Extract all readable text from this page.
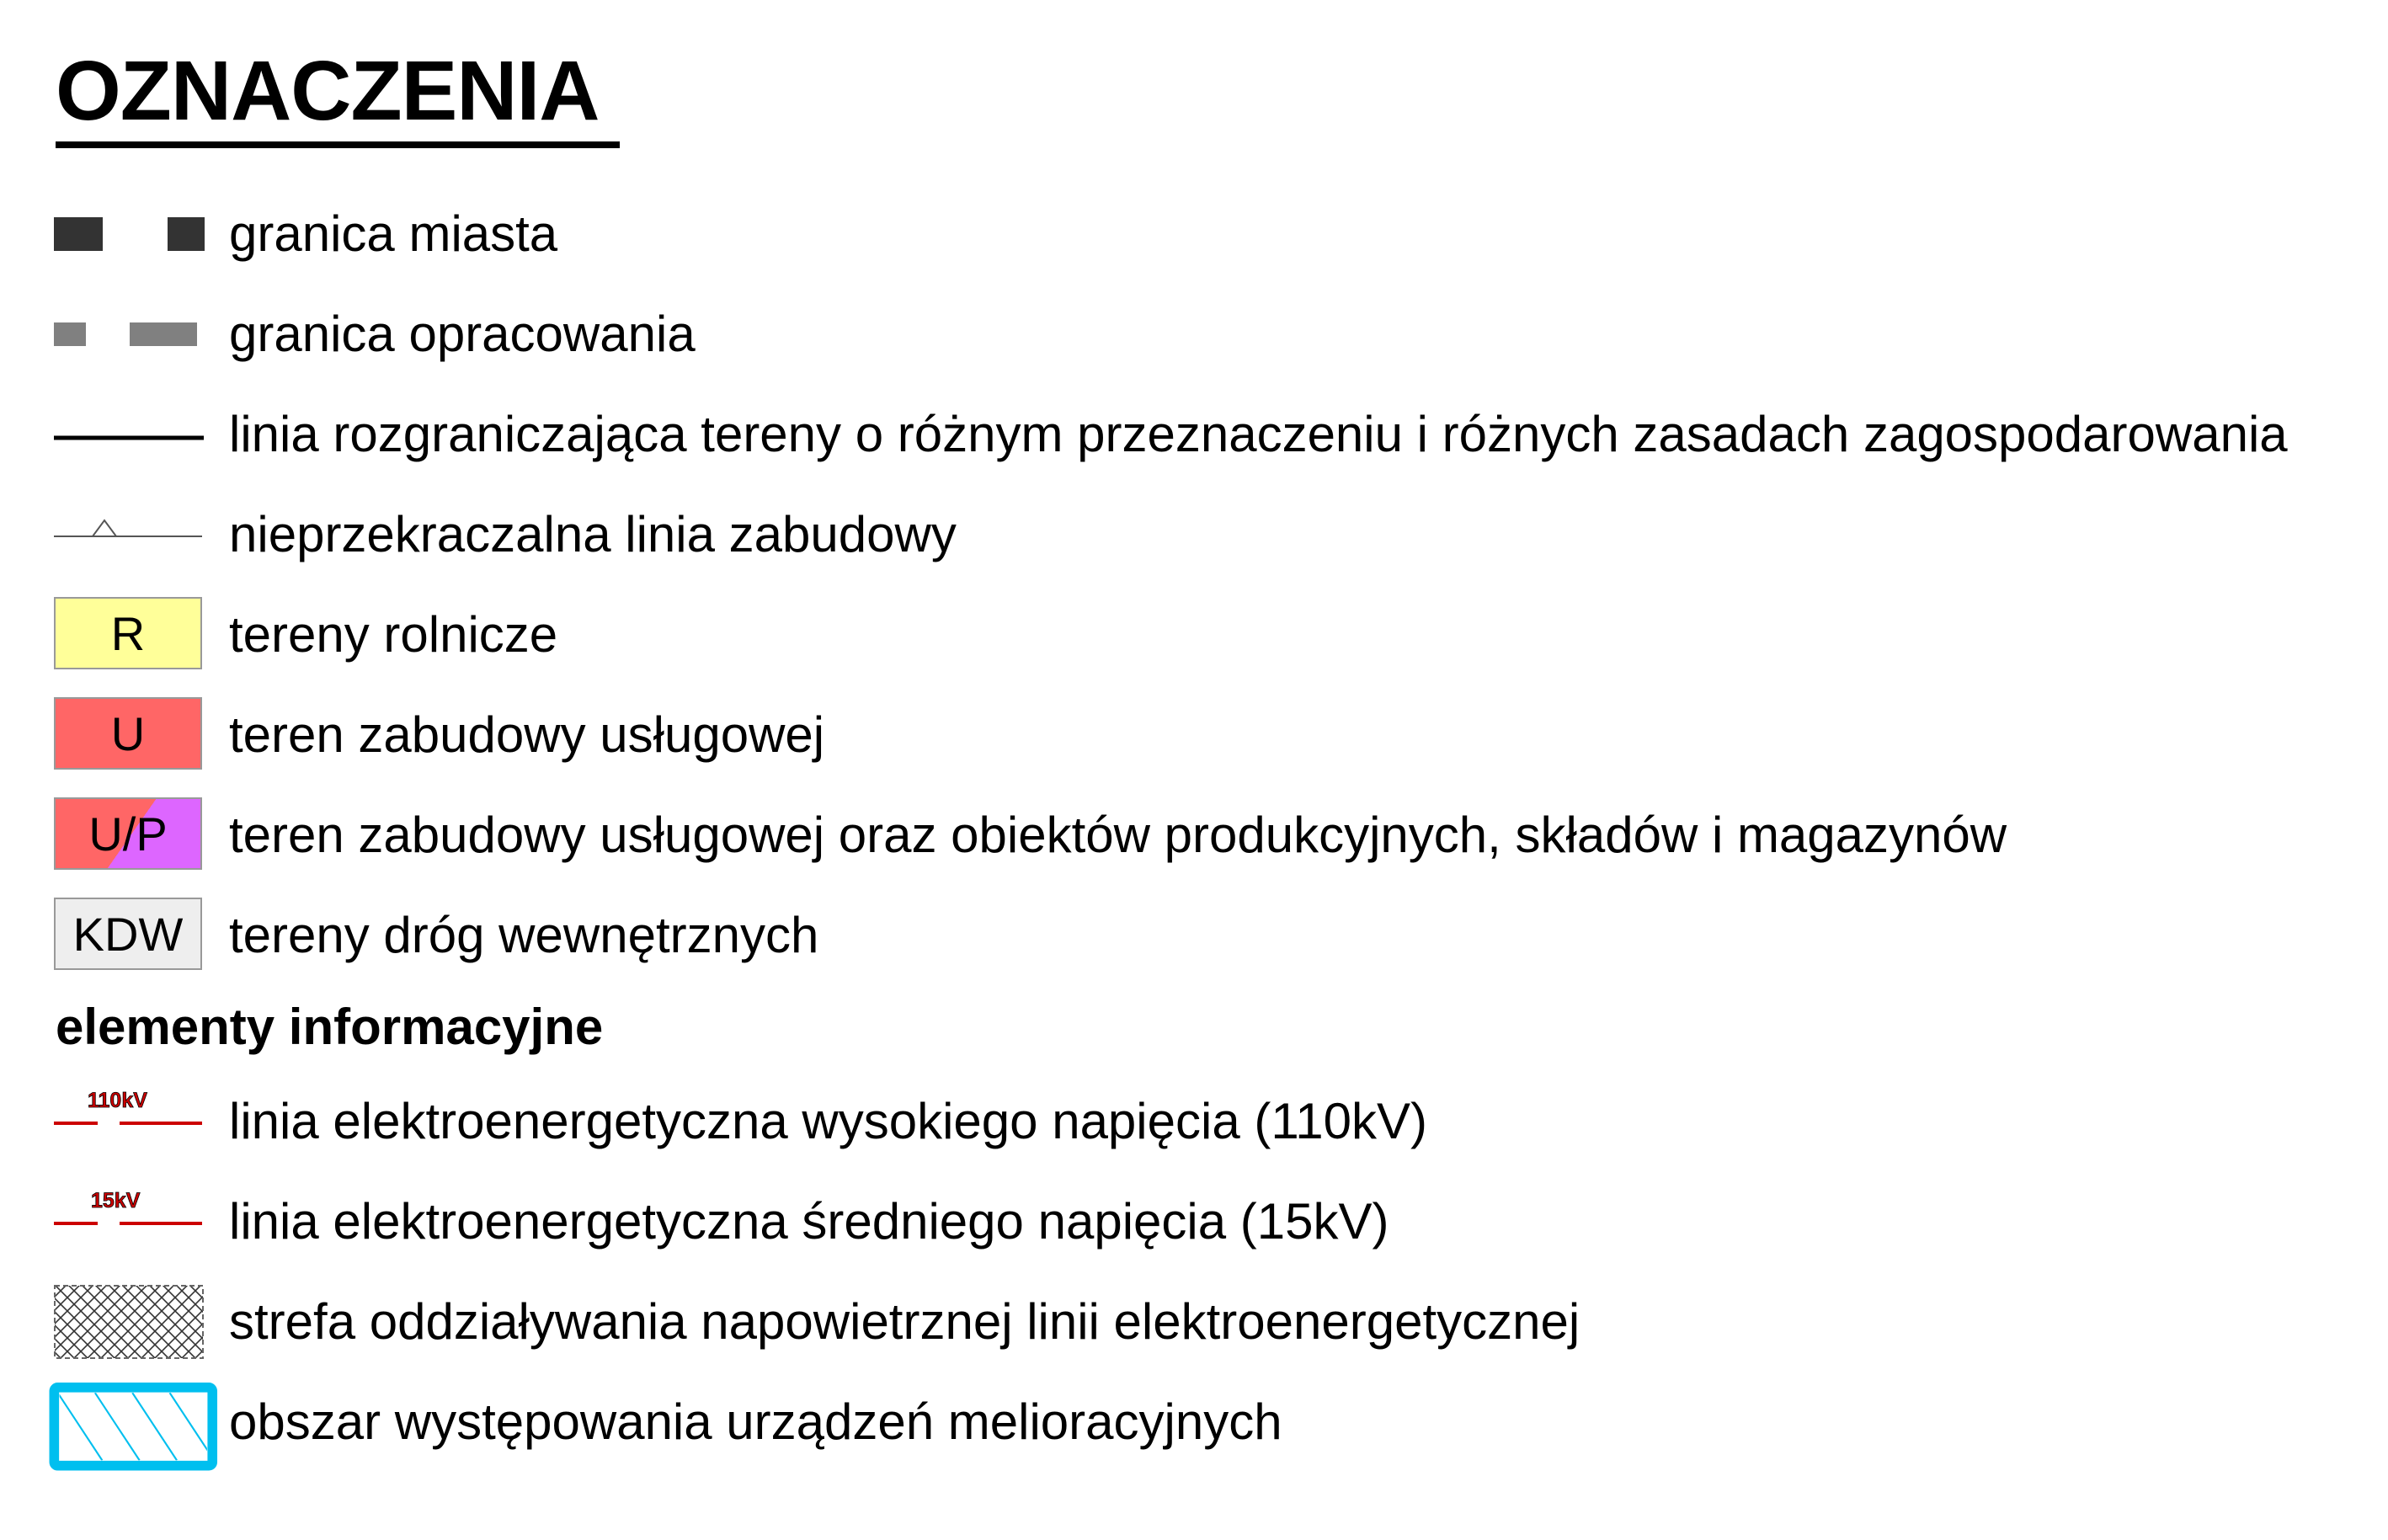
OZNACZENIA
granica miasta
granica opracowania
linia rozgraniczająca tereny o różnym przeznaczeniu i różnych zasadach zagospodarowania
nieprzekraczalna linia zabudowy
R tereny rolnicze
U teren zabudowy usługowej
U/P teren zabudowy usługowej oraz obiektów produkcyjnych, składów i magazynów
KDW tereny dróg wewnętrznych
elementy informacyjne
110kV linia elektroenergetyczna wysokiego napięcia (110kV)
15kV linia elektroenergetyczna średniego napięcia (15kV)
strefa oddziaływania napowietrznej linii elektroenergetycznej
obszar występowania urządzeń melioracyjnych
